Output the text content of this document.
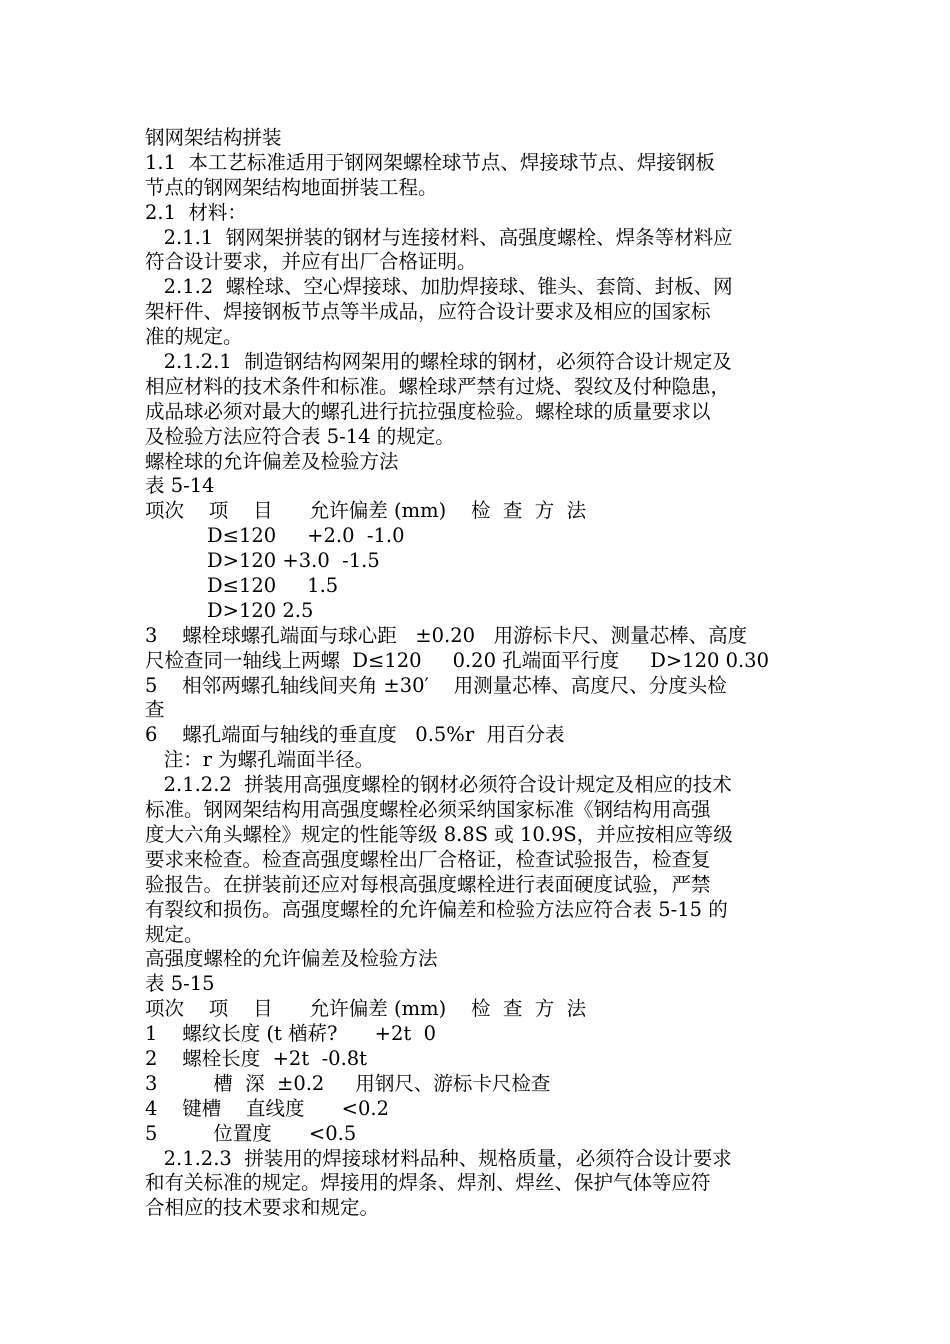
钢网架结构拼装
1.1  本工艺标准适用于钢网架螺栓球节点、焊接球节点、焊接钢板
节点的钢网架结构地面拼装工程。
2.1  材料：
2.1.1  钢网架拼装的钢材与连接材料、高强度螺栓、焊条等材料应
符合设计要求，并应有出厂合格证明。
2.1.2  螺栓球、空心焊接球、加肋焊接球、锥头、套筒、封板、网
架杆件、焊接钢板节点等半成品，应符合设计要求及相应的国家标
准的规定。
2.1.2.1  制造钢结构网架用的螺栓球的钢材，必须符合设计规定及
相应材料的技术条件和标准。螺栓球严禁有过烧、裂纹及付种隐患，
成品球必须对最大的螺孔进行抗拉强度检验。螺栓球的质量要求以
及检验方法应符合表 5-14 的规定。
螺栓球的允许偏差及检验方法
表 5-14
项次    项    目      允许偏差 (mm)    检  查  方  法
D≤120     +2.0  -1.0
D>120 +3.0  -1.5
D≤120     1.5
D>120 2.5
3    螺栓球螺孔端面与球心距   ±0.20   用游标卡尺、测量芯棒、高度
尺检查同一轴线上两螺  D≤120     0.20 孔端面平行度     D>120 0.30
5    相邻两螺孔轴线间夹角 ±30′    用测量芯棒、高度尺、分度头检
查
6    螺孔端面与轴线的垂直度   0.5%r  用百分表
注：r 为螺孔端面半径。
2.1.2.2  拼装用高强度螺栓的钢材必须符合设计规定及相应的技术
标准。钢网架结构用高强度螺栓必须采纳国家标准《钢结构用高强
度大六角头螺栓》规定的性能等级 8.8S 或 10.9S，并应按相应等级
要求来检查。检查高强度螺栓出厂合格证，检查试验报告，检查复
验报告。在拼装前还应对每根高强度螺栓进行表面硬度试验，严禁
有裂纹和损伤。高强度螺栓的允许偏差和检验方法应符合表 5-15 的
规定。
高强度螺栓的允许偏差及检验方法
表 5-15
项次    项    目      允许偏差 (mm)    检  查  方  法
1    螺纹长度 (t 楢菥?      +2t  0
2    螺栓长度  +2t  -0.8t
3         槽  深  ±0.2     用钢尺、游标卡尺检查
4    键槽    直线度      <0.2
5         位置度      <0.5
2.1.2.3  拼装用的焊接球材料品种、规格质量，必须符合设计要求
和有关标准的规定。焊接用的焊条、焊剂、焊丝、保护气体等应符
合相应的技术要求和规定。
